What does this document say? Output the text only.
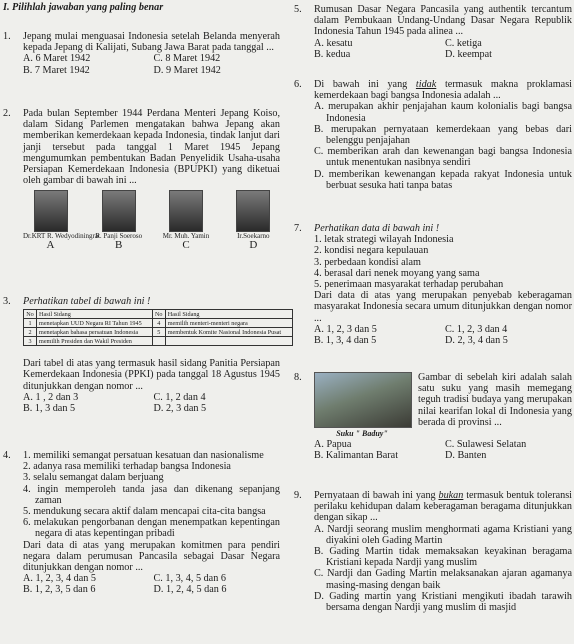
I. Pilihlah jawaban yang paling benar
1.	Jepang mulai menguasai Indonesia setelah Belanda menyerah kepada Jepang di Kalijati, Subang Jawa Barat pada tanggal ...
A. 6 Maret 1942	C. 8 Maret 1942
B. 7 Maret 1942	D. 9 Maret 1942
2.	Pada bulan September 1944 Perdana Menteri Jepang Koiso, dalam Sidang Parlemen mengatakan bahwa Jepang akan memberikan kemerdekaan kepada Indonesia, tindak lanjut dari janji tersebut pada tanggal 1 Maret 1945 Jepang mengumumkan pembentukan Badan Penyelidik Usaha-usaha Persiapan Kemerdekaan Indonesia (BPUPKI) yang diketuai oleh gambar di bawah ini ...
Dr.KRT R. Wedyodiningrat
A
R. Panji Soeroso
B
Mr. Muh. Yamin
C
Ir.Soekarno
D
3.	Perhatikan tabel di bawah ini !
No	Hasil Sidang	No	Hasil Sidang
1	menetapkan UUD Negara RI Tahun 1945	4	memilih menteri-menteri negara
2	menetapkan bahasa persatuan Indonesia	5	membentuk Komite Nasional Indonesia Pusat
3	memilih Presiden dan Wakil Presiden		
Dari tabel di atas yang termasuk hasil sidang Panitia Persiapan Kemerdekaan Indonesia (PPKI) pada tanggal 18 Agustus 1945 ditunjukkan dengan nomor ...
A. 1 , 2 dan 3	C. 1, 2 dan 4
B. 1, 3 dan 5	D. 2, 3 dan 5
4.	1. memiliki semangat persatuan kesatuan dan nasionalisme
2. adanya rasa memiliki terhadap bangsa Indonesia
3. selalu semangat dalam berjuang
4. ingin memperoleh tanda jasa dan dikenang sepanjang zaman
5. mendukung secara aktif dalam mencapai cita-cita bangsa
6. melakukan pengorbanan dengan menempatkan kepentingan negara di atas kepentingan pribadi
Dari data di atas yang merupakan komitmen para pendiri negara dalam perumusan Pancasila sebagai Dasar Negara ditunjukkan dengan nomor ...
A. 1, 2, 3, 4 dan 5	C. 1, 3, 4, 5 dan 6
B. 1, 2, 3, 5 dan 6	D. 1, 2, 4, 5 dan 6
5.	Rumusan Dasar Negara Pancasila yang authentik tercantum dalam Pembukaan Undang-Undang Dasar Negara Republik Indonesia Tahun 1945 pada alinea ...
A. kesatu	C. ketiga
B. kedua	D. keempat
6.	Di bawah ini yang tidak termasuk makna proklamasi kemerdekaan bagi bangsa Indonesia adalah ...
A. merupakan akhir penjajahan kaum kolonialis bagi bangsa Indonesia
B. merupakan pernyataan kemerdekaan yang bebas dari belenggu penjajahan
C. memberikan arah dan kewenangan bagi bangsa Indonesia untuk menentukan nasibnya sendiri
D. memberikan kewenangan kepada rakyat Indonesia untuk berbuat sesuka hati tanpa batas
7.	Perhatikan data di bawah ini !
1. letak strategi wilayah Indonesia
2. kondisi negara kepulauan
3. perbedaan kondisi alam
4. berasal dari nenek moyang yang sama
5. penerimaan masyarakat terhadap perubahan
Dari data di atas yang merupakan penyebab keberagaman masyarakat Indonesia secara umum ditunjukkan dengan nomor ...
A. 1, 2, 3 dan 5	C. 1, 2, 3 dan 4
B. 1, 3, 4 dan 5	D. 2, 3, 4 dan 5
8.
Suku " Baduy"
Gambar di sebelah kiri adalah salah satu suku yang masih memegang teguh tradisi budaya yang merupakan nilai kearifan lokal di Indonesia yang berada di provinsi ...
A. Papua	C. Sulawesi Selatan
B. Kalimantan Barat	D. Banten
9.	Pernyataan di bawah ini yang bukan termasuk bentuk toleransi perilaku kehidupan dalam keberagaman beragama ditunjukkan dengan sikap ...
A. Nardji seorang muslim menghormati agama Kristiani yang diyakini oleh Gading Martin
B. Gading Martin tidak memaksakan keyakinan beragama Kristiani kepada Nardji yang muslim
C. Nardji dan Gading Martin melaksanakan ajaran agamanya masing-masing dengan baik
D. Gading martin yang Kristiani mengikuti ibadah tarawih bersama dengan Nardji yang muslim di masjid
